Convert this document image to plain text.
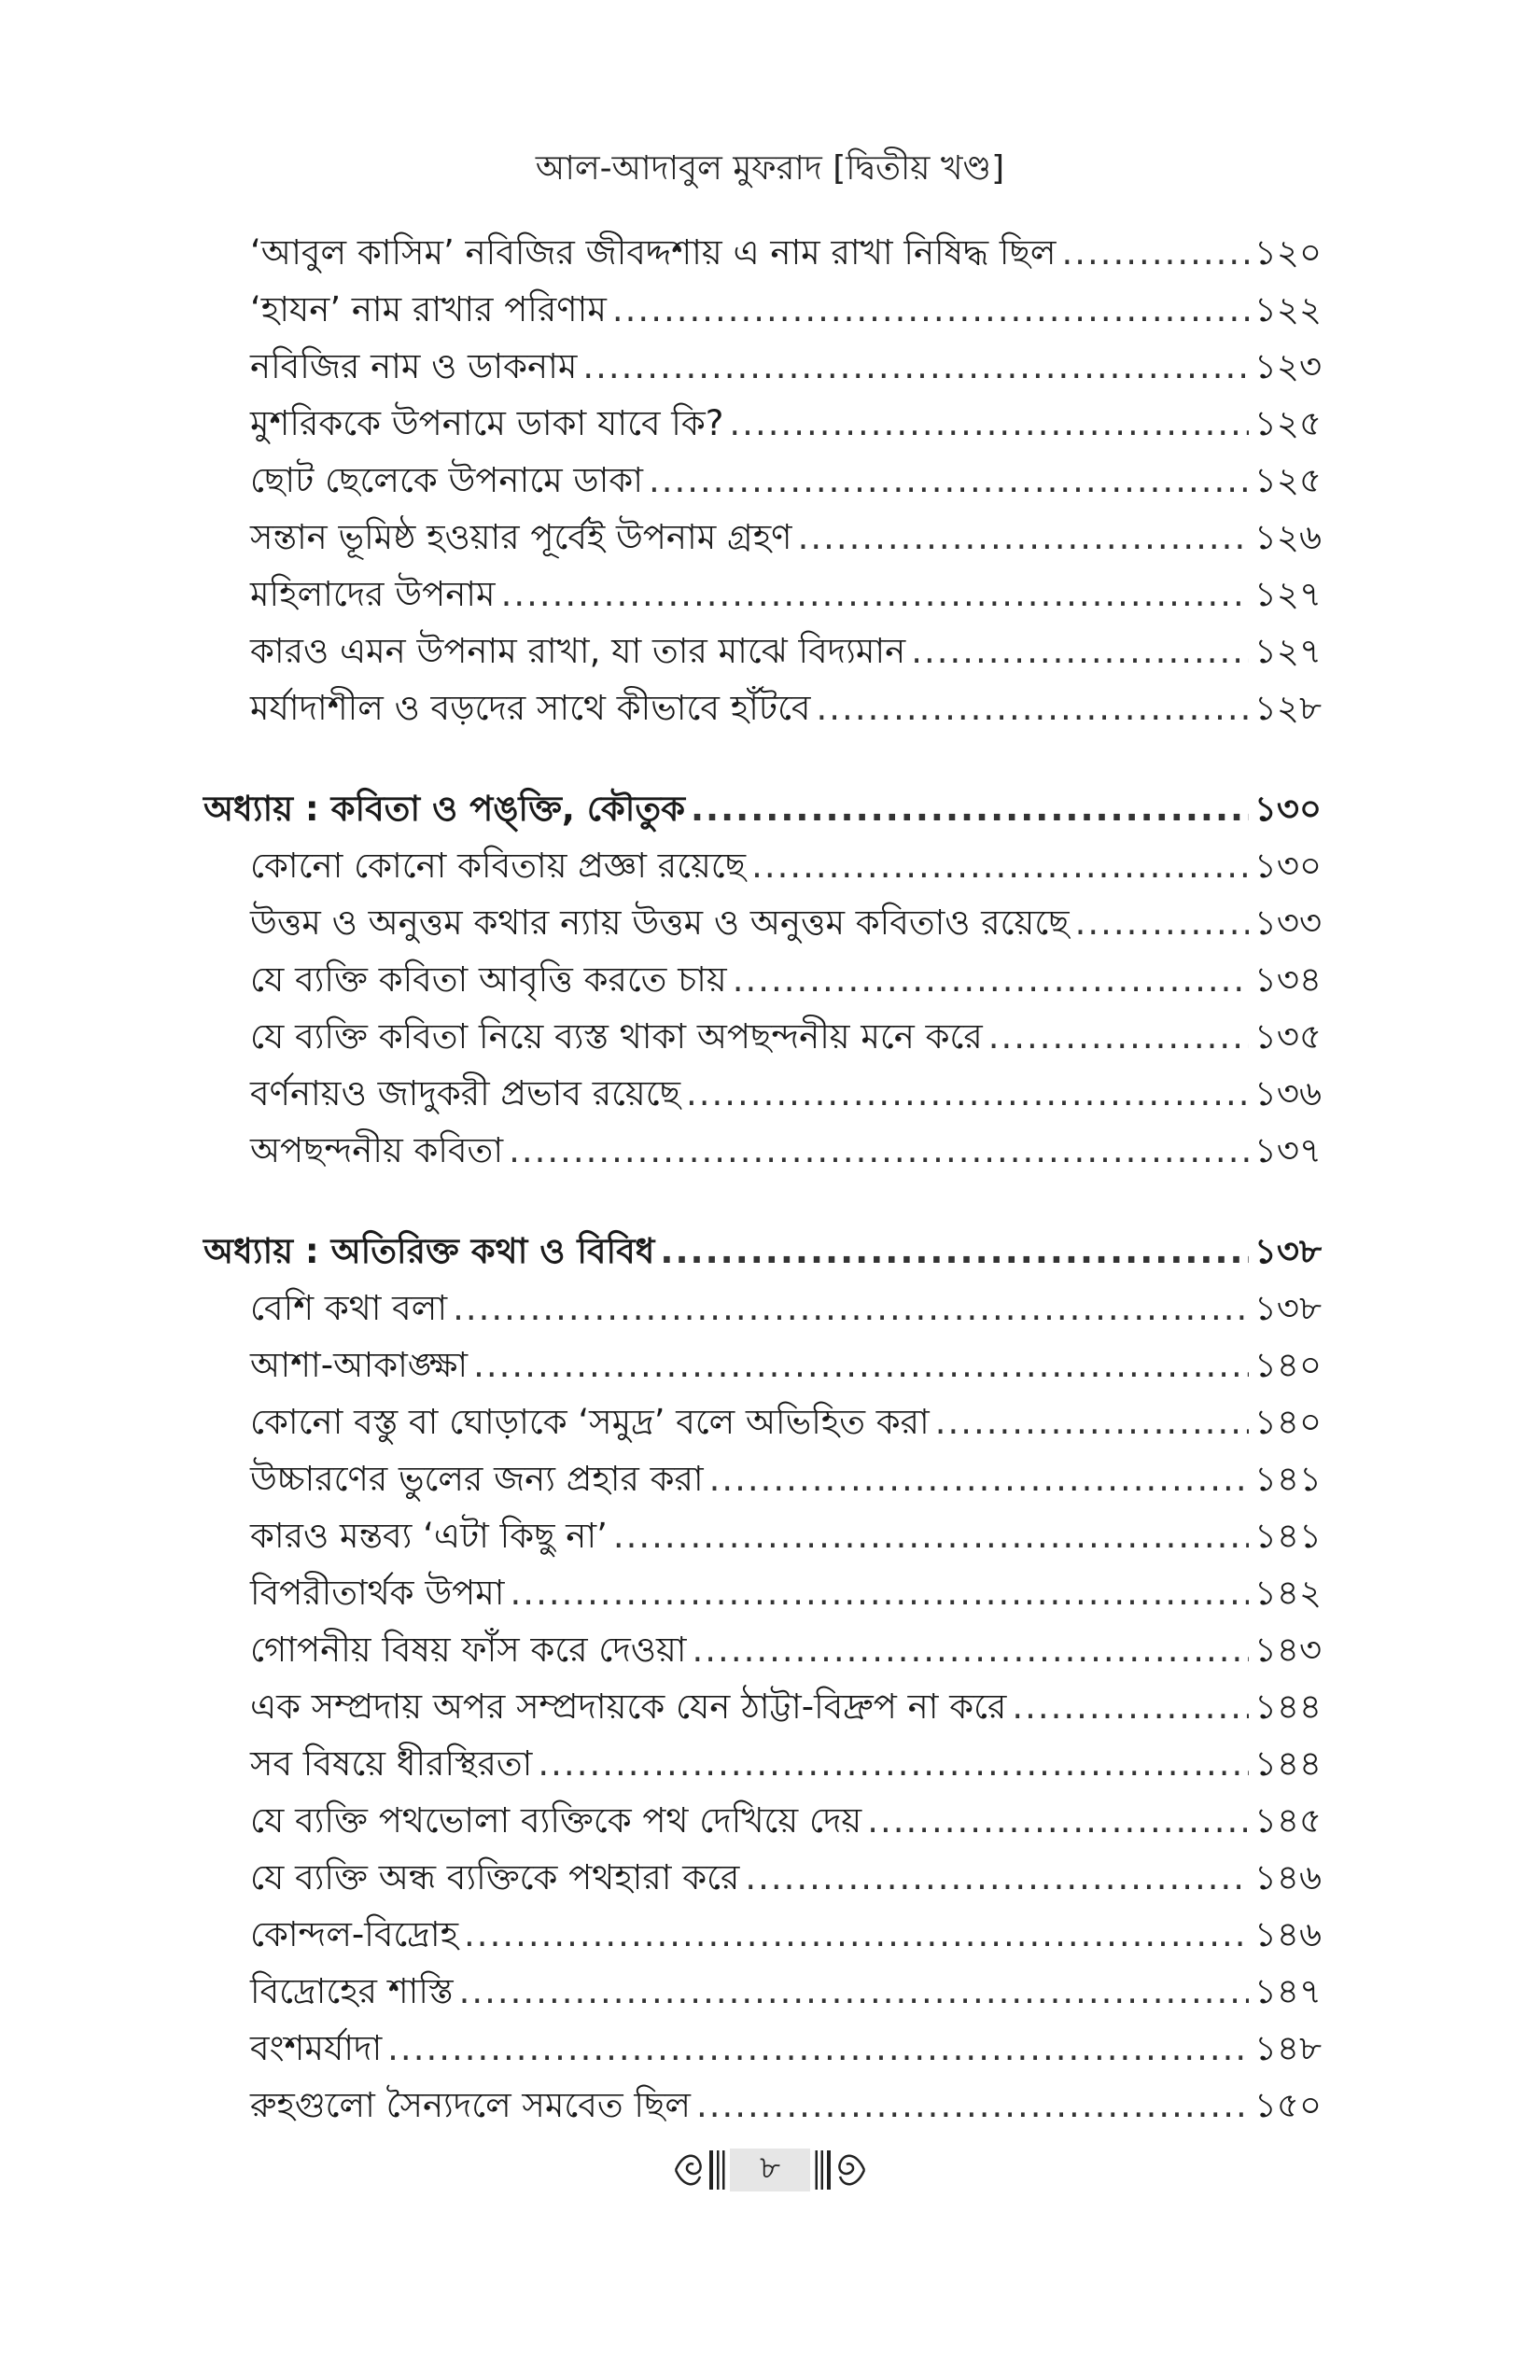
আল-আদাবুল মুফরাদ [দ্বিতীয় খণ্ড]
‘আবুল কাসিম’ নবিজির জীবদ্দশায় এ নাম রাখা নিষিদ্ধ ছিল .....	১২০
‘হাযন’ নাম রাখার পরিণাম .....	১২২
নবিজির নাম ও ডাকনাম .....	১২৩
মুশরিককে উপনামে ডাকা যাবে কি? .....	১২৫
ছোট ছেলেকে উপনামে ডাকা .....	১২৫
সন্তান ভূমিষ্ঠ হওয়ার পূর্বেই উপনাম গ্রহণ .....	১২৬
মহিলাদের উপনাম .....	১২৭
কারও এমন উপনাম রাখা, যা তার মাঝে বিদ্যমান .....	১২৭
মর্যাদাশীল ও বড়দের সাথে কীভাবে হাঁটবে .....	১২৮
অধ্যায় : কবিতা ও পঙ্‌ক্তি, কৌতুক .....	১৩০
কোনো কোনো কবিতায় প্রজ্ঞা রয়েছে .....	১৩০
উত্তম ও অনুত্তম কথার ন্যায় উত্তম ও অনুত্তম কবিতাও রয়েছে .....	১৩৩
যে ব্যক্তি কবিতা আবৃত্তি করতে চায় .....	১৩৪
যে ব্যক্তি কবিতা নিয়ে ব্যস্ত থাকা অপছন্দনীয় মনে করে .....	১৩৫
বর্ণনায়ও জাদুকরী প্রভাব রয়েছে .....	১৩৬
অপছন্দনীয় কবিতা .....	১৩৭
অধ্যায় : অতিরিক্ত কথা ও বিবিধ .....	১৩৮
বেশি কথা বলা .....	১৩৮
আশা-আকাঙ্ক্ষা .....	১৪০
কোনো বস্তু বা ঘোড়াকে ‘সমুদ্র’ বলে অভিহিত করা .....	১৪০
উচ্চারণের ভুলের জন্য প্রহার করা .....	১৪১
কারও মন্তব্য ‘এটা কিছু না’ .....	১৪১
বিপরীতার্থক উপমা .....	১৪২
গোপনীয় বিষয় ফাঁস করে দেওয়া .....	১৪৩
এক সম্প্রদায় অপর সম্প্রদায়কে যেন ঠাট্টা-বিদ্রুপ না করে .....	১৪৪
সব বিষয়ে ধীরস্থিরতা .....	১৪৪
যে ব্যক্তি পথভোলা ব্যক্তিকে পথ দেখিয়ে দেয় .....	১৪৫
যে ব্যক্তি অন্ধ ব্যক্তিকে পথহারা করে .....	১৪৬
কোন্দল-বিদ্রোহ .....	১৪৬
বিদ্রোহের শাস্তি .....	১৪৭
বংশমর্যাদা .....	১৪৮
রুহগুলো সৈন্যদলে সমবেত ছিল .....	১৫০
৮
